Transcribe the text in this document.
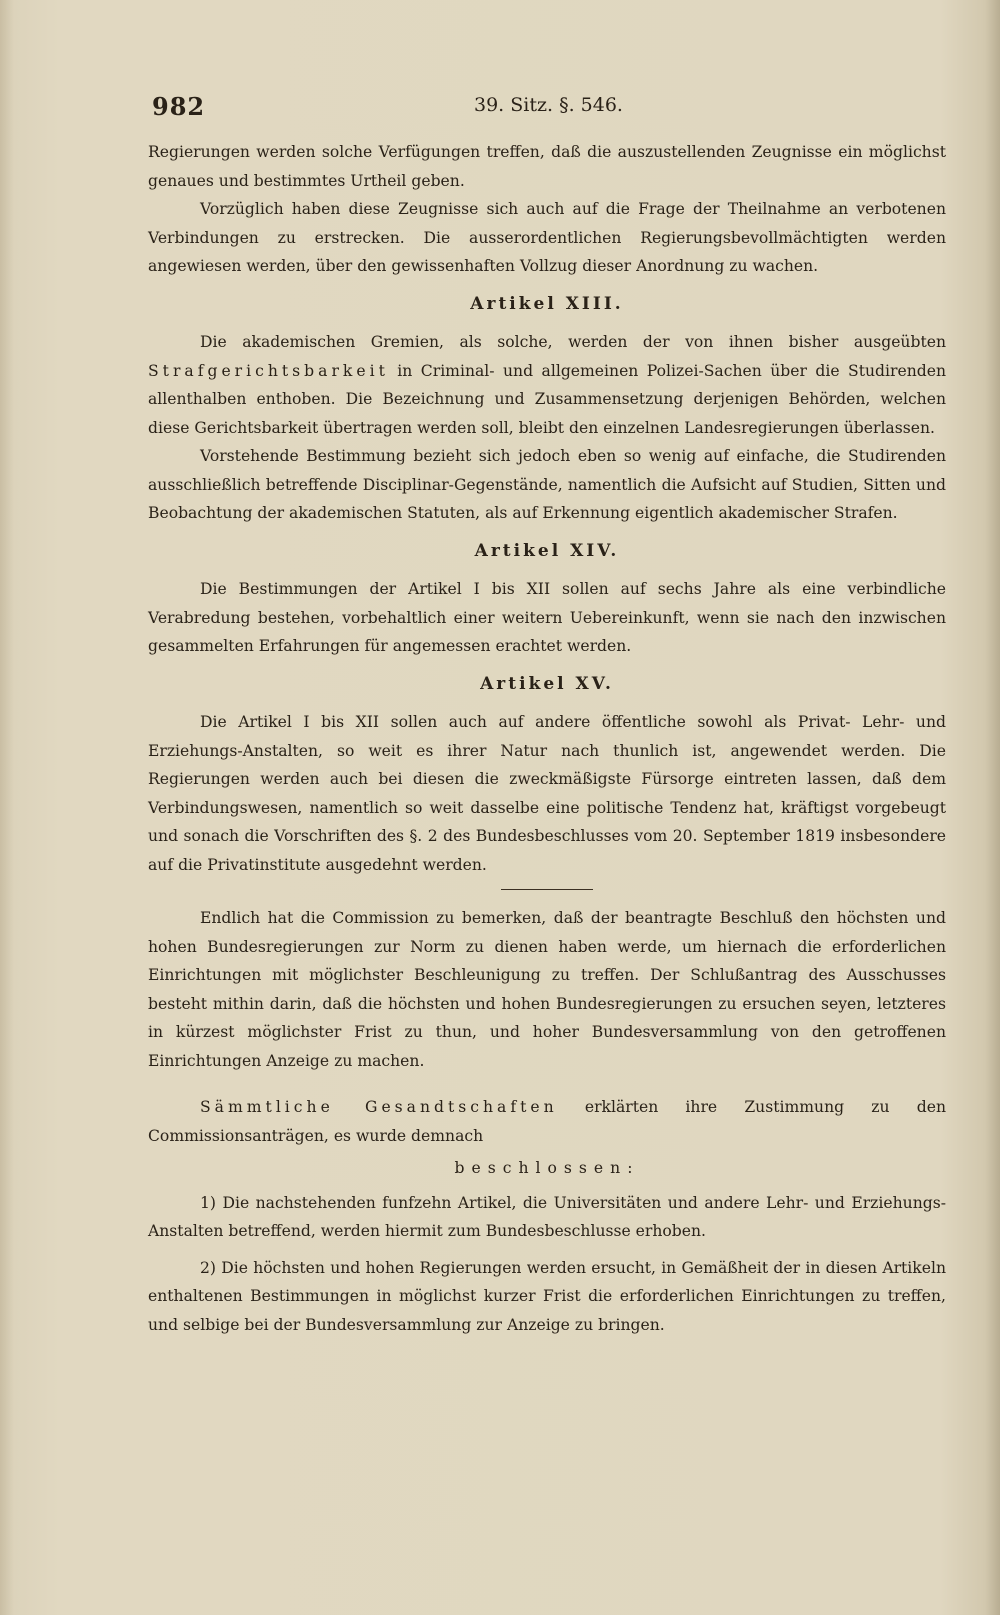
982	39. Sitz. §. 546.

Regierungen werden solche Verfügungen treffen, daß die auszustellenden Zeugnisse ein möglichst genaues und bestimmtes Urtheil geben.

Vorzüglich haben diese Zeugnisse sich auch auf die Frage der Theilnahme an verbotenen Verbindungen zu erstrecken. Die ausserordentlichen Regierungsbevollmächtigten werden angewiesen werden, über den gewissenhaften Vollzug dieser Anordnung zu wachen.

Artikel XIII.

Die akademischen Gremien, als solche, werden der von ihnen bisher ausgeübten Strafgerichtsbarkeit in Criminal- und allgemeinen Polizei-Sachen über die Studirenden allenthalben enthoben. Die Bezeichnung und Zusammensetzung derjenigen Behörden, welchen diese Gerichtsbarkeit übertragen werden soll, bleibt den einzelnen Landesregierungen überlassen.

Vorstehende Bestimmung bezieht sich jedoch eben so wenig auf einfache, die Studirenden ausschließlich betreffende Disciplinar-Gegenstände, namentlich die Aufsicht auf Studien, Sitten und Beobachtung der akademischen Statuten, als auf Erkennung eigentlich akademischer Strafen.

Artikel XIV.

Die Bestimmungen der Artikel I bis XII sollen auf sechs Jahre als eine verbindliche Verabredung bestehen, vorbehaltlich einer weitern Uebereinkunft, wenn sie nach den inzwischen gesammelten Erfahrungen für angemessen erachtet werden.

Artikel XV.

Die Artikel I bis XII sollen auch auf andere öffentliche sowohl als Privat- Lehr- und Erziehungs-Anstalten, so weit es ihrer Natur nach thunlich ist, angewendet werden. Die Regierungen werden auch bei diesen die zweckmäßigste Fürsorge eintreten lassen, daß dem Verbindungswesen, namentlich so weit dasselbe eine politische Tendenz hat, kräftigst vorgebeugt und sonach die Vorschriften des §. 2 des Bundesbeschlusses vom 20. September 1819 insbesondere auf die Privatinstitute ausgedehnt werden.

Endlich hat die Commission zu bemerken, daß der beantragte Beschluß den höchsten und hohen Bundesregierungen zur Norm zu dienen haben werde, um hiernach die erforderlichen Einrichtungen mit möglichster Beschleunigung zu treffen. Der Schlußantrag des Ausschusses besteht mithin darin, daß die höchsten und hohen Bundesregierungen zu ersuchen seyen, letzteres in kürzest möglichster Frist zu thun, und hoher Bundesversammlung von den getroffenen Einrichtungen Anzeige zu machen.

Sämmtliche Gesandtschaften erklärten ihre Zustimmung zu den Commissionsanträgen, es wurde demnach

beschlossen:

1) Die nachstehenden funfzehn Artikel, die Universitäten und andere Lehr- und Erziehungs-Anstalten betreffend, werden hiermit zum Bundesbeschlusse erhoben.

2) Die höchsten und hohen Regierungen werden ersucht, in Gemäßheit der in diesen Artikeln enthaltenen Bestimmungen in möglichst kurzer Frist die erforderlichen Einrichtungen zu treffen, und selbige bei der Bundesversammlung zur Anzeige zu bringen.
